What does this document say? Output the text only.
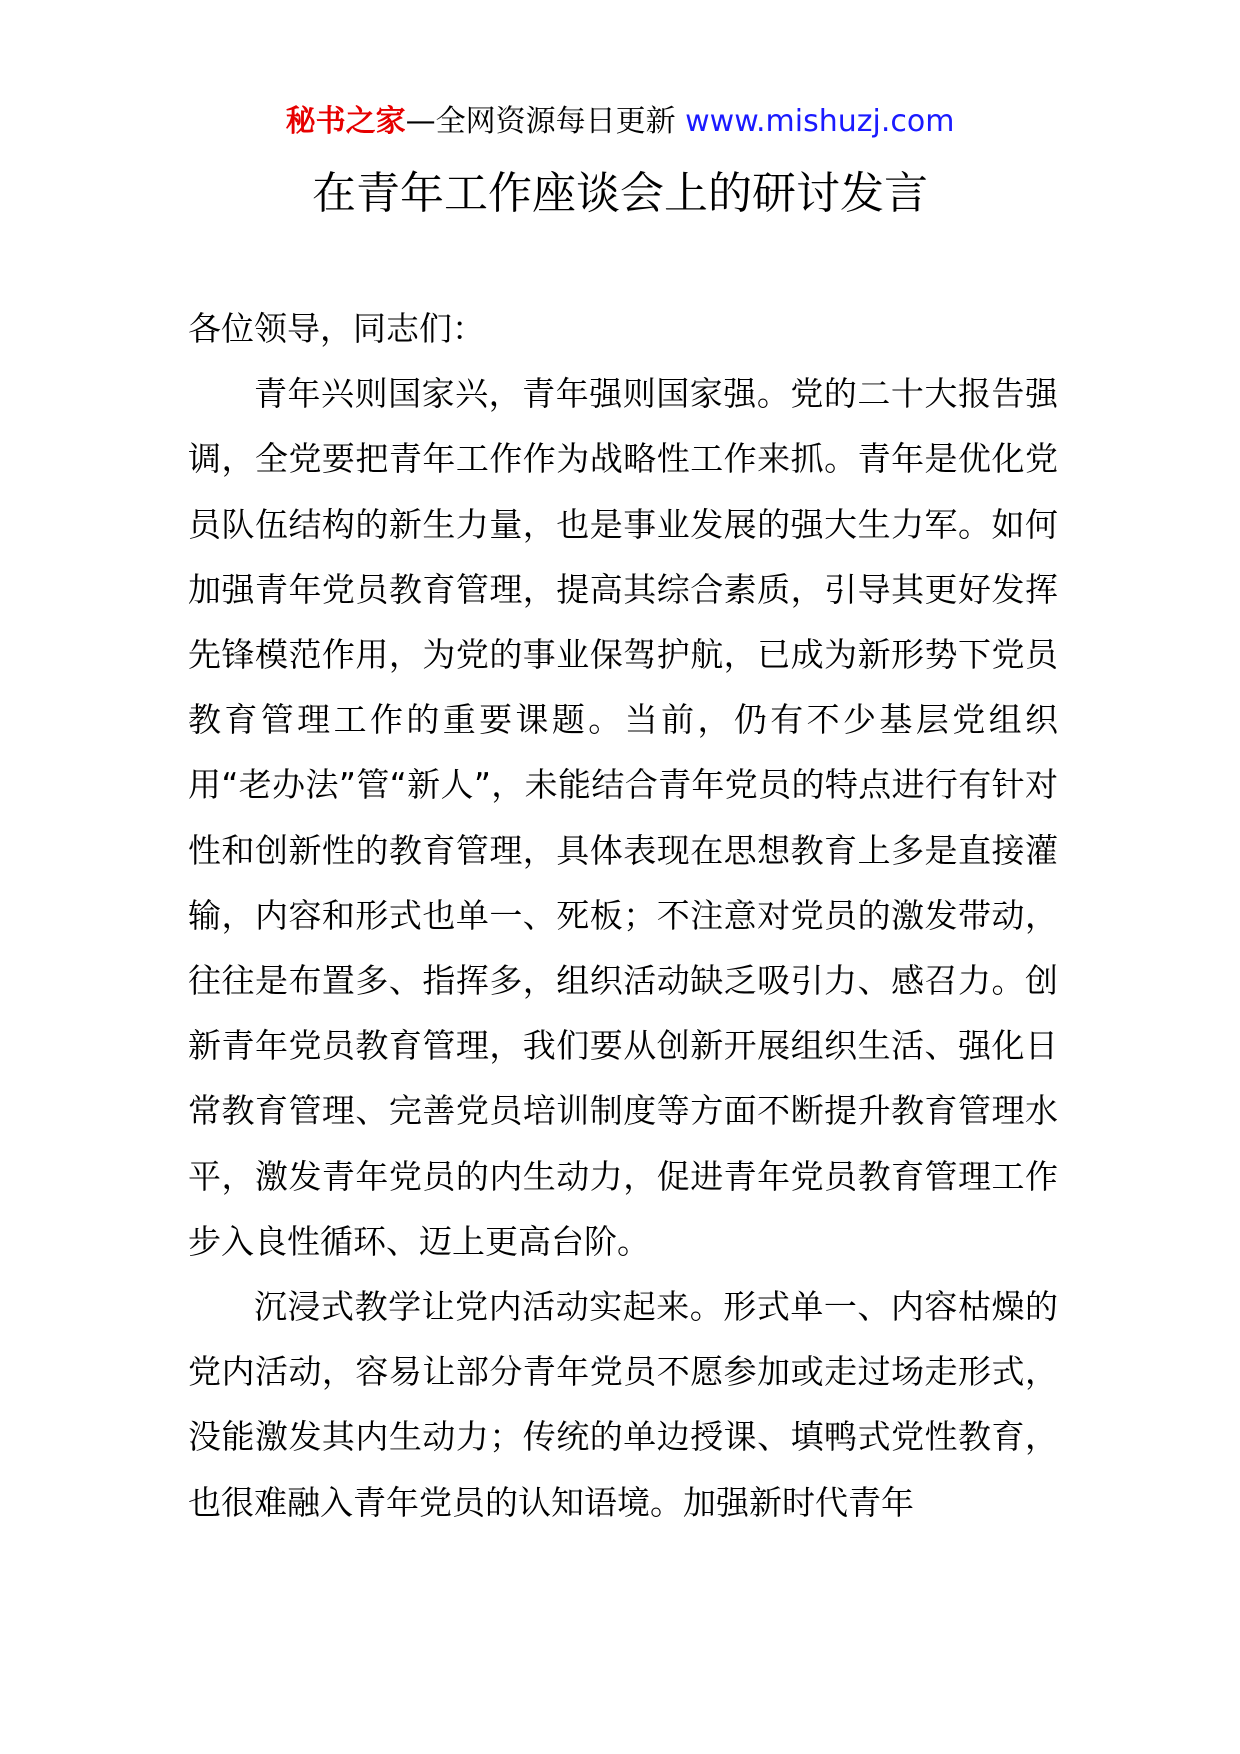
秘书之家—全网资源每日更新 www.mishuzj.com
在青年工作座谈会上的研讨发言

各位领导，同志们：

青年兴则国家兴，青年强则国家强。党的二十大报告强调，全党要把青年工作作为战略性工作来抓。青年是优化党员队伍结构的新生力量，也是事业发展的强大生力军。如何加强青年党员教育管理，提高其综合素质，引导其更好发挥先锋模范作用，为党的事业保驾护航，已成为新形势下党员教育管理工作的重要课题。当前，仍有不少基层党组织用“老办法”管“新人”，未能结合青年党员的特点进行有针对性和创新性的教育管理，具体表现在思想教育上多是直接灌输，内容和形式也单一、死板；不注意对党员的激发带动，往往是布置多、指挥多，组织活动缺乏吸引力、感召力。创新青年党员教育管理，我们要从创新开展组织生活、强化日常教育管理、完善党员培训制度等方面不断提升教育管理水平，激发青年党员的内生动力，促进青年党员教育管理工作步入良性循环、迈上更高台阶。

沉浸式教学让党内活动实起来。形式单一、内容枯燥的党内活动，容易让部分青年党员不愿参加或走过场走形式，没能激发其内生动力；传统的单边授课、填鸭式党性教育，也很难融入青年党员的认知语境。加强新时代青年
